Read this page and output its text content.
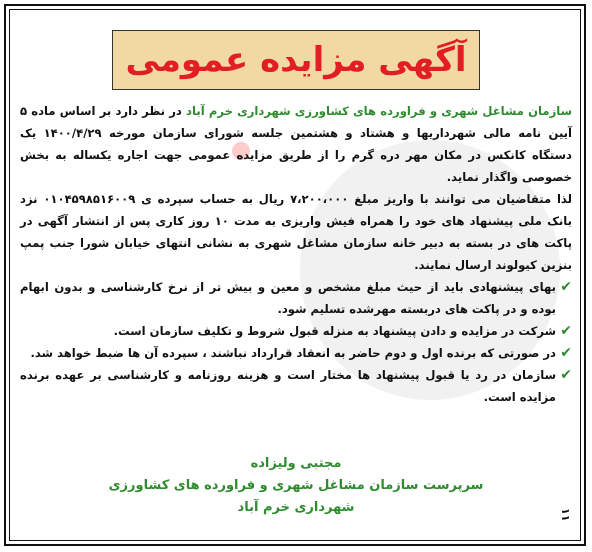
آگهی مزایده عمومی

سازمان مشاغل شهری و فراورده های کشاورزی شهرداری خرم آباد در نظر دارد بر اساس ماده ۵ آیین نامه مالی شهرداریها و هشتاد و هشتمین جلسه شورای سازمان مورخه ۱۴۰۰/۴/۲۹ یک دستگاه کانکس در مکان مهر دره گرم را از طریق مزایده عمومی جهت اجاره یکساله به بخش خصوصی واگذار نماید.

لذا متقاضیان می توانند با واریز مبلغ ۷،۲۰۰،۰۰۰ ریال به حساب سپرده ی ۰۱۰۴۵۹۸۵۱۶۰۰۹ نزد بانک ملی پیشنهاد های خود را همراه فیش واریزی به مدت ۱۰ روز کاری پس از انتشار آگهی در پاکت های در بسته به دبیر خانه سازمان مشاغل شهری به نشانی انتهای خیابان شورا جنب پمپ بنزین کیولوند ارسال نمایند.

✔
بهای پیشنهادی باید از حیث مبلغ مشخص و معین و بیش تر از نرخ کارشناسی و بدون ابهام بوده و در پاکت های دربسته مهرشده تسلیم شود.
✔
شرکت در مزایده و دادن پیشنهاد به منزله قبول شروط و تکلیف سازمان است.
✔
در صورتی که برنده اول و دوم حاضر به انعقاد قرارداد نباشند ، سپرده آن ها ضبط خواهد شد.
✔
سازمان در رد یا قبول پیشنهاد ها مختار است و هزینه روزنامه و کارشناسی بر عهده برنده مزایده است.
مجتبی ولیزاده
سرپرست سازمان مشاغل شهری و فراورده های کشاورزی
شهرداری خرم آباد	۱۱
